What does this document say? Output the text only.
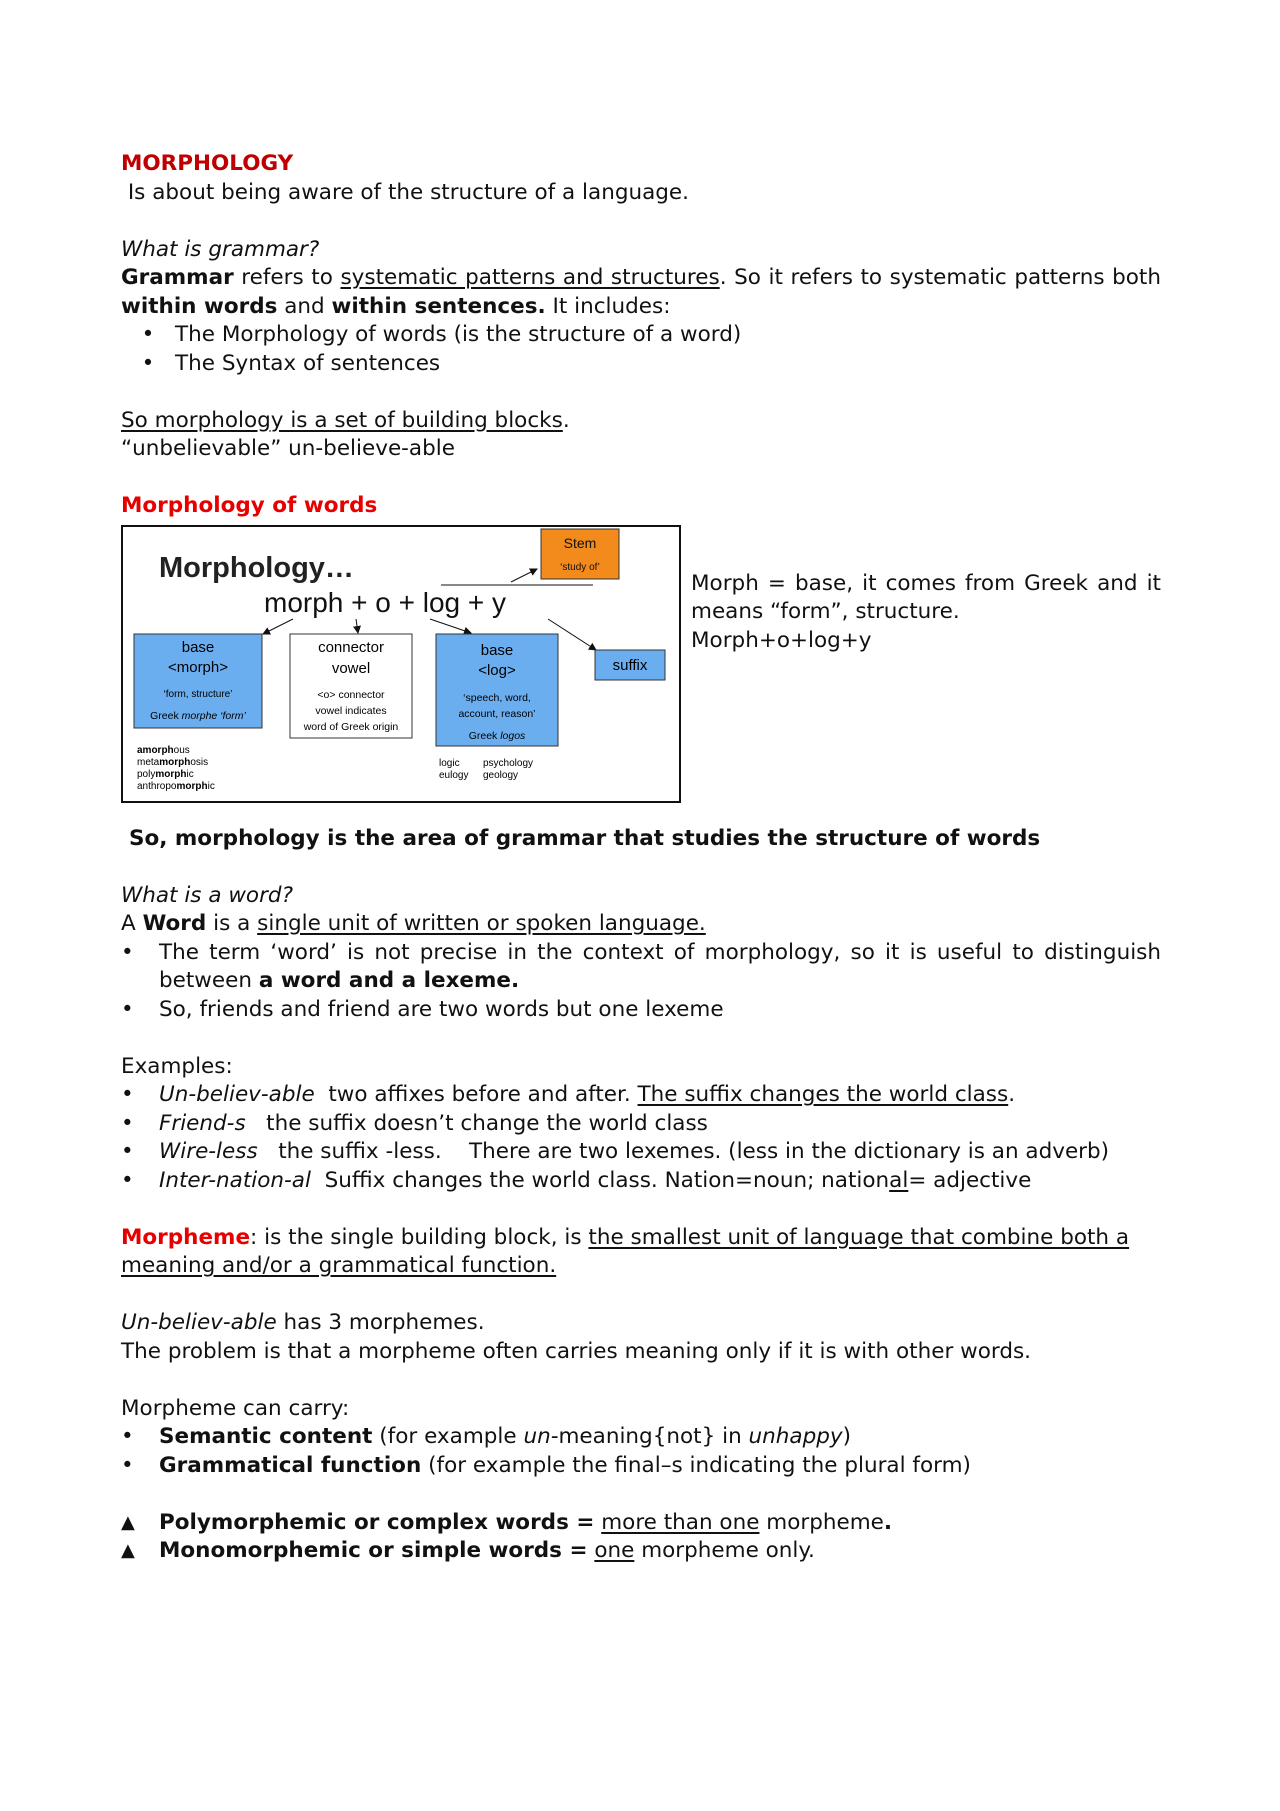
MORPHOLOGY
Is about being aware of the structure of a language.
What is grammar?
Grammar refers to systematic patterns and structures. So it refers to systematic patterns both within words and within sentences. It includes:
• The Morphology of words (is the structure of a word)
• The Syntax of sentences
So morphology is a set of building blocks.
“unbelievable” un-believe-able
Morphology of words
Morphology…
Stem
‘study of’
morph + o + log + y
base
<morph>
‘form, structure’
Greek morphe ‘form’
connector
vowel
<o> connector
vowel indicates
word of Greek origin
base
<log>
‘speech, word,
account, reason’
Greek logos
suffix
amorphous
metamorphosis
polymorphic
anthropomorphic
logic
eulogy
psychology
geology
Morph = base, it comes from Greek and it means “form”, structure.
Morph+o+log+y
So, morphology is the area of grammar that studies the structure of words
What is a word?
A Word is a single unit of written or spoken language.
•	The term ‘word’ is not precise in the context of morphology, so it is useful to distinguish between a word and a lexeme.
•	So, friends and friend are two words but one lexeme
Examples:
•	Un-believ-able two affixes before and after. The suffix changes the world class.
•	Friend-s the suffix doesn’t change the world class
•	Wire-less the suffix -less.    There are two lexemes. (less in the dictionary is an adverb)
•	Inter-nation-al Suffix changes the world class. Nation=noun; national= adjective
Morpheme: is the single building block, is the smallest unit of language that combine both a meaning and/or a grammatical function.
Un-believ-able has 3 morphemes.
The problem is that a morpheme often carries meaning only if it is with other words.
Morpheme can carry:
•	Semantic content (for example un-meaning{not} in unhappy)
•	Grammatical function (for example the final–s indicating the plural form)
▲	Polymorphemic or complex words = more than one morpheme.
▲	Monomorphemic or simple words = one morpheme only.
